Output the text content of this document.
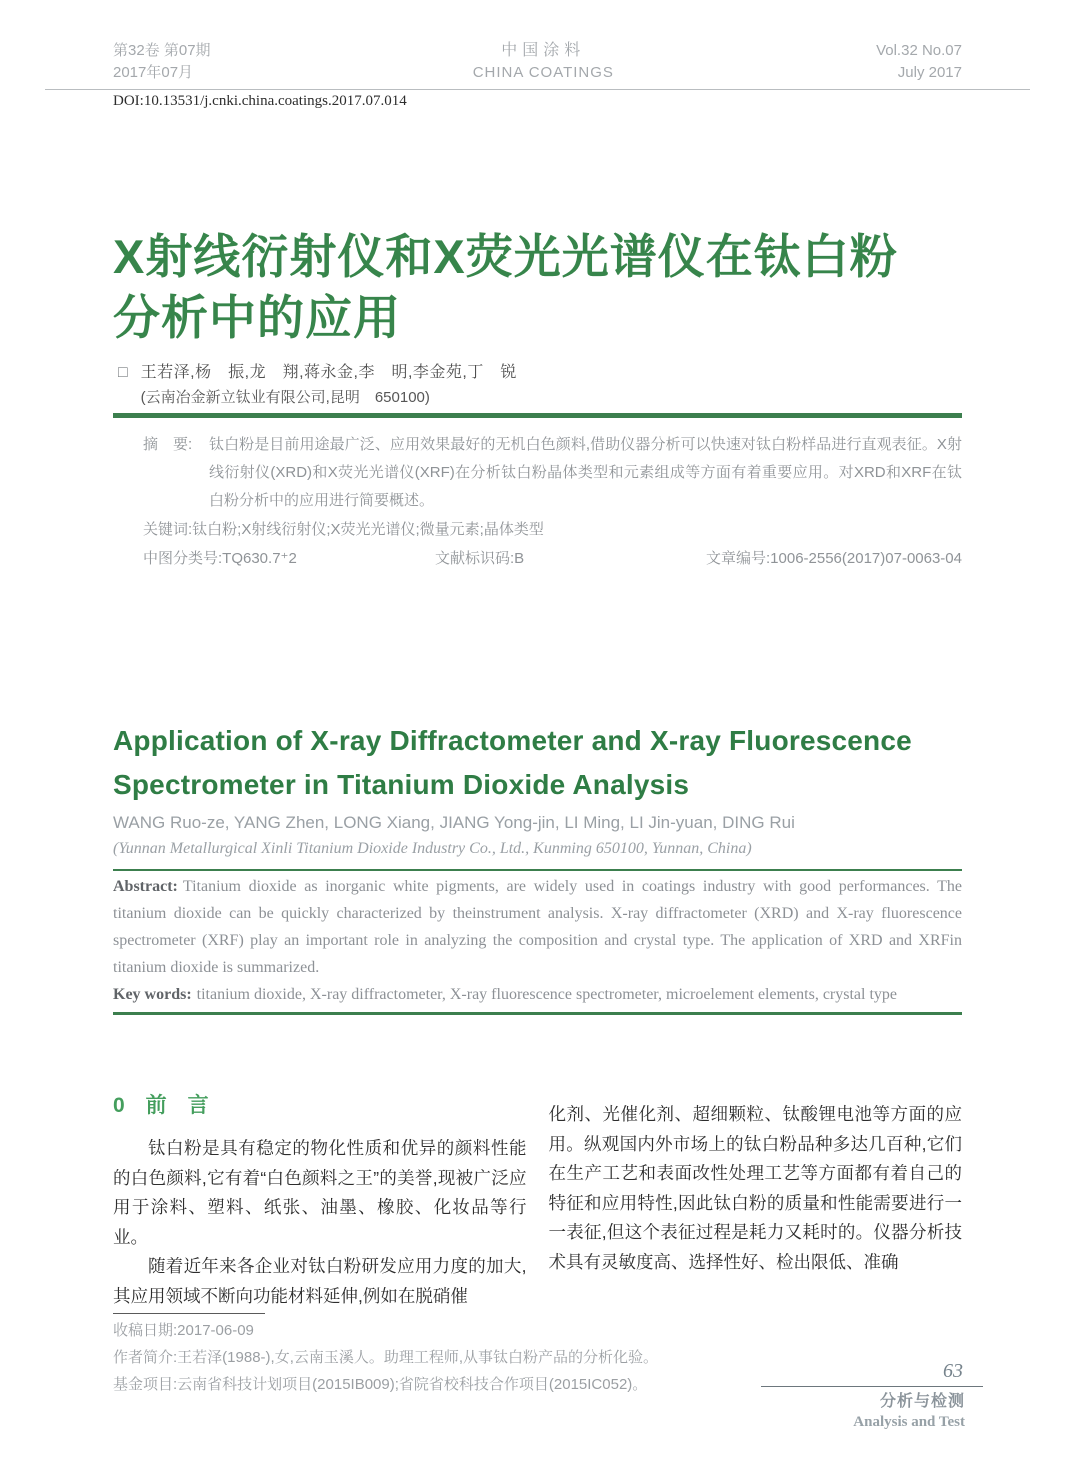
第32卷 第07期
2017年07月
中国涂料
CHINA COATINGS
Vol.32 No.07
July 2017
DOI:10.13531/j.cnki.china.coatings.2017.07.014
X射线衍射仪和X荧光光谱仪在钛白粉
分析中的应用
□ 王若泽,杨　振,龙　翔,蒋永金,李　明,李金苑,丁　锐
(云南冶金新立钛业有限公司,昆明　650100)
摘　要:	钛白粉是目前用途最广泛、应用效果最好的无机白色颜料,借助仪器分析可以快速对钛白粉样品进行直观表征。X射线衍射仪(XRD)和X荧光光谱仪(XRF)在分析钛白粉晶体类型和元素组成等方面有着重要应用。对XRD和XRF在钛白粉分析中的应用进行简要概述。
关键词:钛白粉;X射线衍射仪;X荧光光谱仪;微量元素;晶体类型
中图分类号:TQ630.7⁺2	文献标识码:B	文章编号:1006-2556(2017)07-0063-04
Application of X-ray Diffractometer and X-ray Fluorescence
Spectrometer in Titanium Dioxide Analysis
WANG Ruo-ze, YANG Zhen, LONG Xiang, JIANG Yong-jin, LI Ming, LI Jin-yuan, DING Rui
(Yunnan Metallurgical Xinli Titanium Dioxide Industry Co., Ltd., Kunming 650100, Yunnan, China)

Abstract: Titanium dioxide as inorganic white pigments, are widely used in coatings industry with good performances. The titanium dioxide can be quickly characterized by theinstrument analysis. X-ray diffractometer (XRD) and X-ray fluorescence spectrometer (XRF) play an important role in analyzing the composition and crystal type. The application of XRD and XRFin titanium dioxide is summarized.

Key words: titanium dioxide, X-ray diffractometer, X-ray fluorescence spectrometer, microelement elements, crystal type

0　前　言

钛白粉是具有稳定的物化性质和优异的颜料性能的白色颜料,它有着“白色颜料之王”的美誉,现被广泛应用于涂料、塑料、纸张、油墨、橡胶、化妆品等行业。

随着近年来各企业对钛白粉研发应用力度的加大,其应用领域不断向功能材料延伸,例如在脱硝催

化剂、光催化剂、超细颗粒、钛酸锂电池等方面的应用。纵观国内外市场上的钛白粉品种多达几百种,它们在生产工艺和表面改性处理工艺等方面都有着自己的特征和应用特性,因此钛白粉的质量和性能需要进行一一表征,但这个表征过程是耗力又耗时的。仪器分析技术具有灵敏度高、选择性好、检出限低、准确

收稿日期:2017-06-09
作者简介:王若泽(1988-),女,云南玉溪人。助理工程师,从事钛白粉产品的分析化验。
基金项目:云南省科技计划项目(2015IB009);省院省校科技合作项目(2015IC052)。
63
分析与检测
Analysis and Test
